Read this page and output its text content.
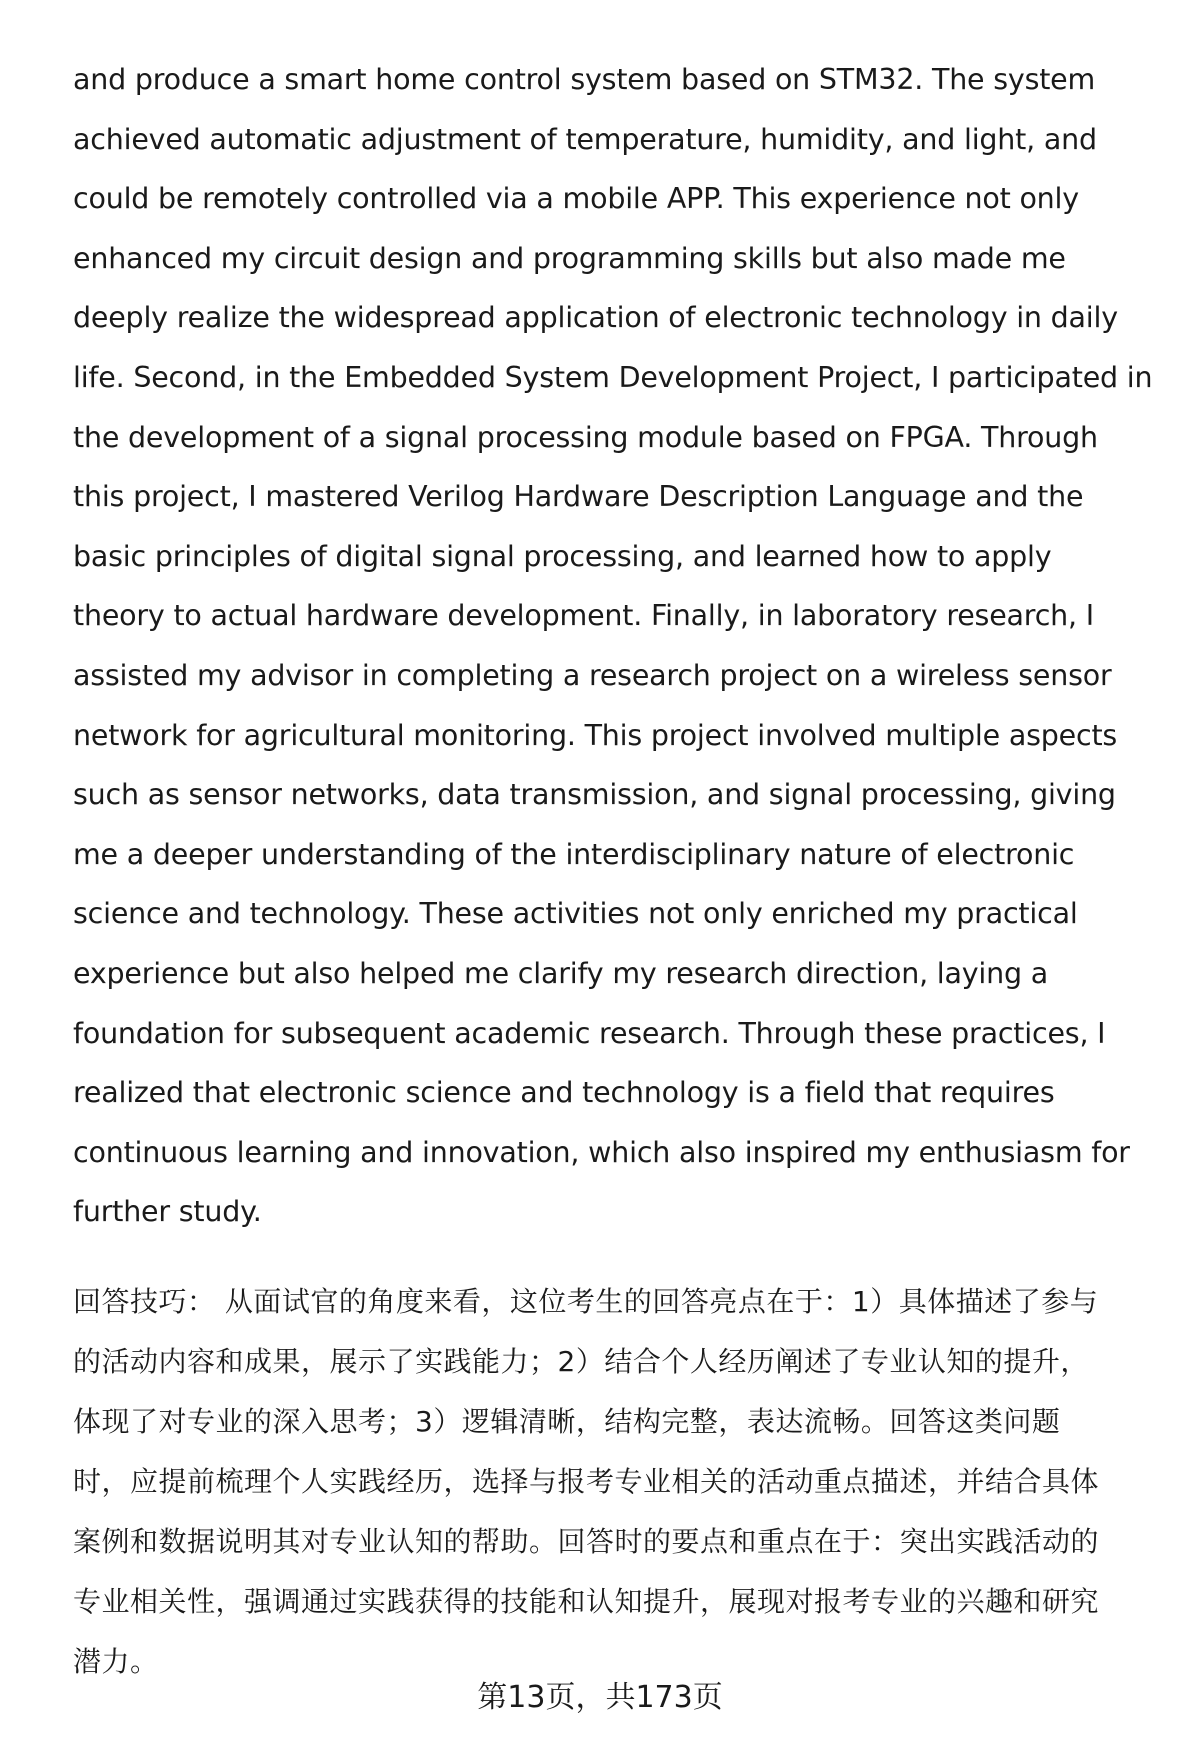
and produce a smart home control system based on STM32. The system
achieved automatic adjustment of temperature, humidity, and light, and
could be remotely controlled via a mobile APP. This experience not only
enhanced my circuit design and programming skills but also made me
deeply realize the widespread application of electronic technology in daily
life. Second, in the Embedded System Development Project, I participated in
the development of a signal processing module based on FPGA. Through
this project, I mastered Verilog Hardware Description Language and the
basic principles of digital signal processing, and learned how to apply
theory to actual hardware development. Finally, in laboratory research, I
assisted my advisor in completing a research project on a wireless sensor
network for agricultural monitoring. This project involved multiple aspects
such as sensor networks, data transmission, and signal processing, giving
me a deeper understanding of the interdisciplinary nature of electronic
science and technology. These activities not only enriched my practical
experience but also helped me clarify my research direction, laying a
foundation for subsequent academic research. Through these practices, I
realized that electronic science and technology is a field that requires
continuous learning and innovation, which also inspired my enthusiasm for
further study.
回答技巧： 从面试官的角度来看，这位考生的回答亮点在于：1）具体描述了参与
的活动内容和成果，展示了实践能力；2）结合个人经历阐述了专业认知的提升，
体现了对专业的深入思考；3）逻辑清晰，结构完整，表达流畅。回答这类问题
时，应提前梳理个人实践经历，选择与报考专业相关的活动重点描述，并结合具体
案例和数据说明其对专业认知的帮助。回答时的要点和重点在于：突出实践活动的
专业相关性，强调通过实践获得的技能和认知提升，展现对报考专业的兴趣和研究
潜力。
第13页，共173页
